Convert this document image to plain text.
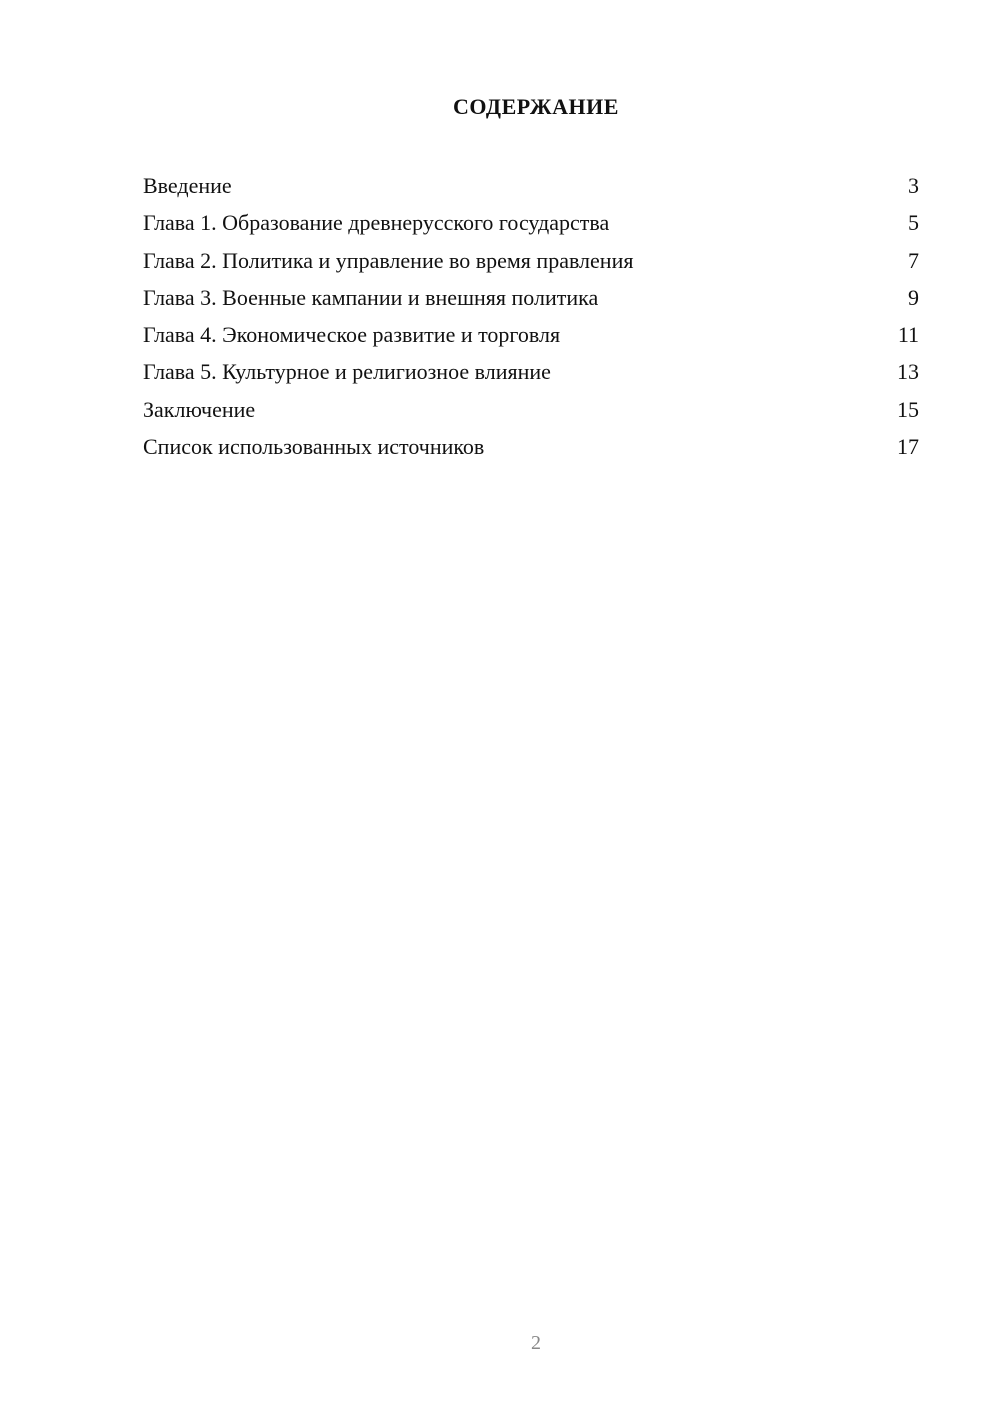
СОДЕРЖАНИЕ
Введение	3
Глава 1. Образование древнерусского государства	5
Глава 2. Политика и управление во время правления	7
Глава 3. Военные кампании и внешняя политика	9
Глава 4. Экономическое развитие и торговля	11
Глава 5. Культурное и религиозное влияние	13
Заключение	15
Список использованных источников	17
2
